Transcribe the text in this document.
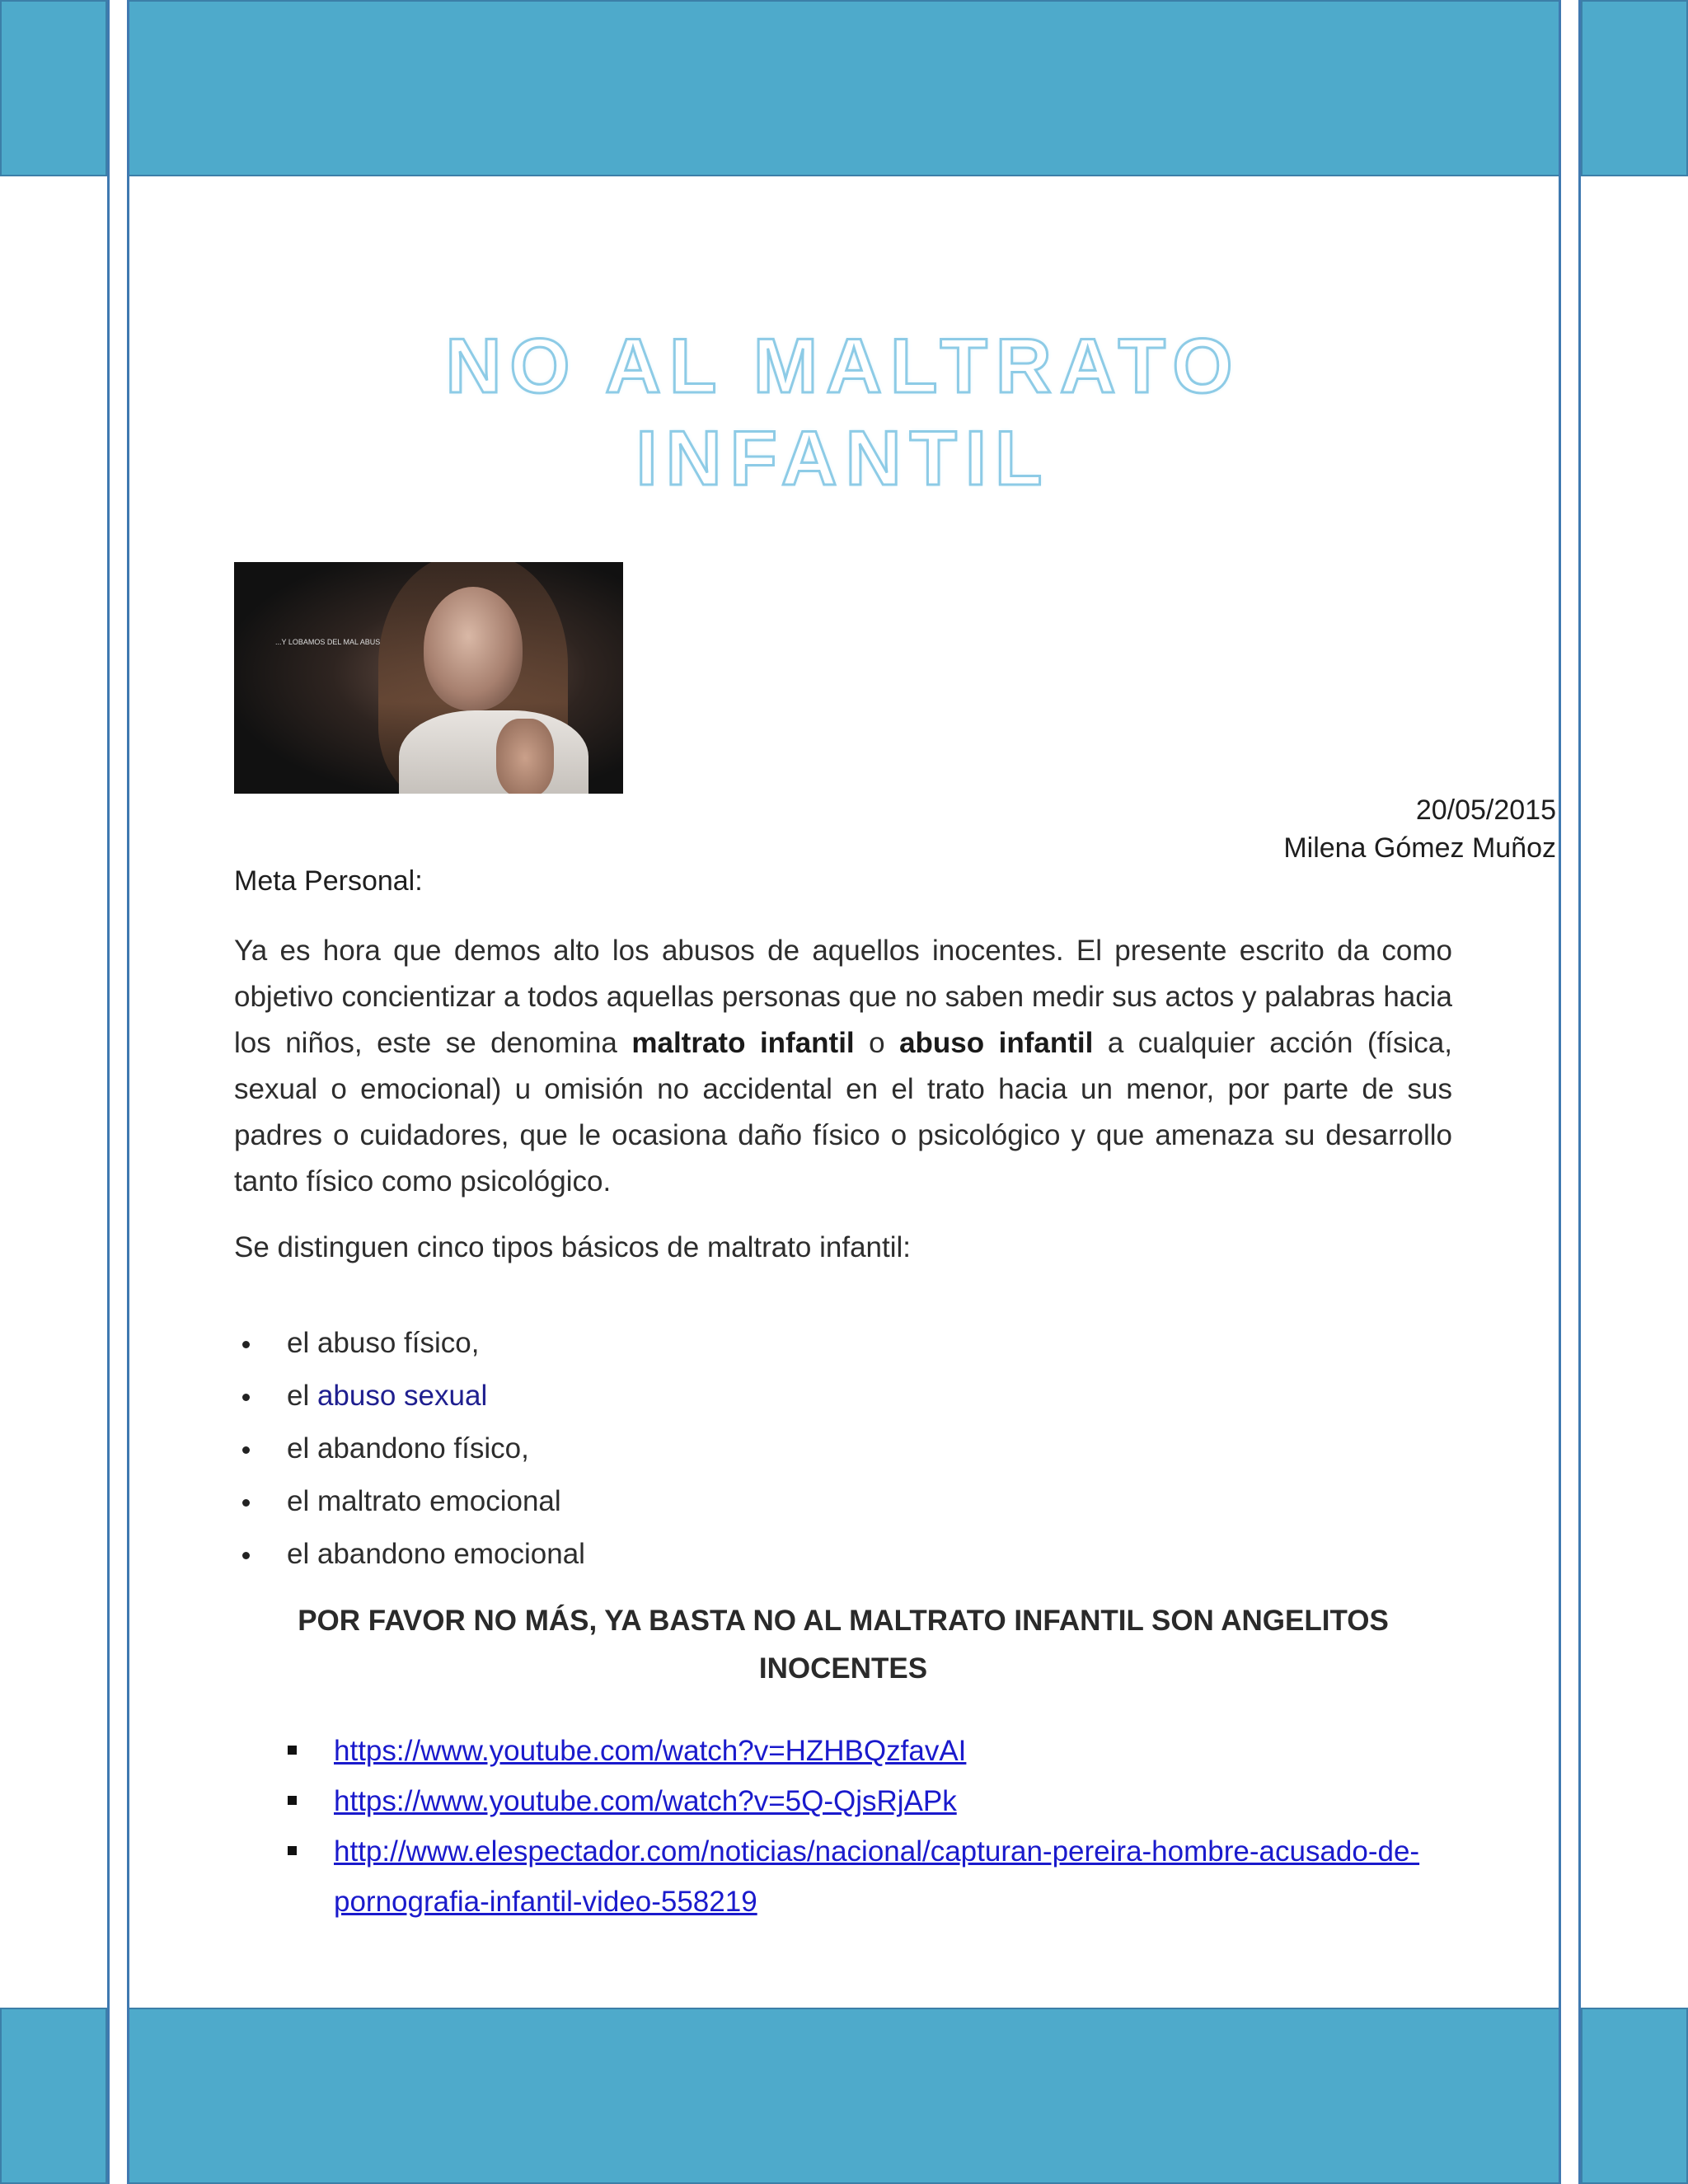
NO AL MALTRATO
INFANTIL
...Y LOBAMOS DEL MAL ABUS
20/05/2015
Milena Gómez Muñoz
Meta Personal:

Ya es hora que demos alto los abusos de aquellos inocentes. El presente escrito da como objetivo concientizar a todos aquellas personas que no saben medir sus actos y palabras hacia los niños, este se denomina maltrato infantil o abuso infantil a cualquier acción (física, sexual o emocional) u omisión no accidental en el trato hacia un menor, por parte de sus padres o cuidadores, que le ocasiona daño físico o psicológico y que amenaza su desarrollo tanto físico como psicológico.

Se distinguen cinco tipos básicos de maltrato infantil:

el abuso físico,
el abuso sexual
el abandono físico,
el maltrato emocional
el abandono emocional

POR FAVOR NO MÁS, YA BASTA NO AL MALTRATO INFANTIL SON ANGELITOS INOCENTES

https://www.youtube.com/watch?v=HZHBQzfavAI
https://www.youtube.com/watch?v=5Q-QjsRjAPk
http://www.elespectador.com/noticias/nacional/capturan-pereira-hombre-acusado-de-pornografia-infantil-video-558219
